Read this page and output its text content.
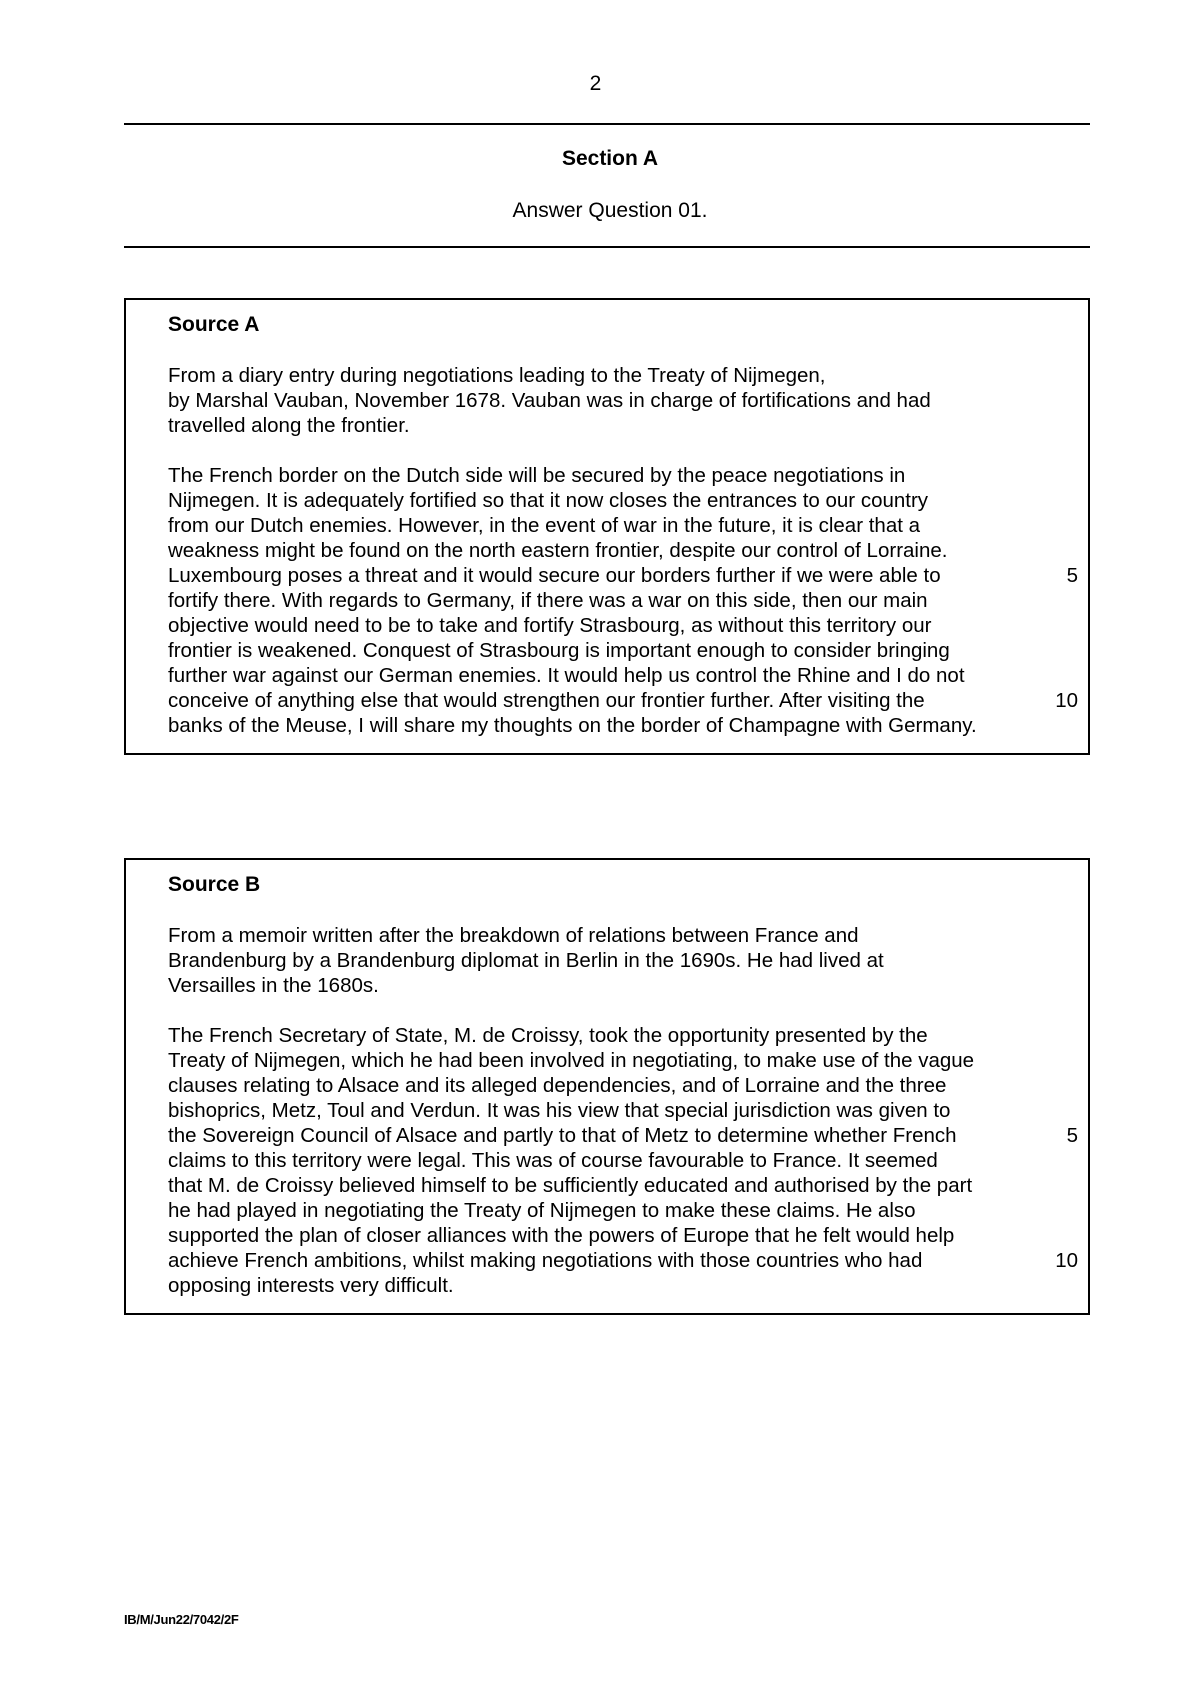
2
Section A
Answer Question 01.
Source A
From a diary entry during negotiations leading to the Treaty of Nijmegen,
by Marshal Vauban, November 1678. Vauban was in charge of fortifications and had
travelled along the frontier.
The French border on the Dutch side will be secured by the peace negotiations in
Nijmegen. It is adequately fortified so that it now closes the entrances to our country
from our Dutch enemies. However, in the event of war in the future, it is clear that a
weakness might be found on the north eastern frontier, despite our control of Lorraine.
Luxembourg poses a threat and it would secure our borders further if we were able to
fortify there. With regards to Germany, if there was a war on this side, then our main
objective would need to be to take and fortify Strasbourg, as without this territory our
frontier is weakened. Conquest of Strasbourg is important enough to consider bringing
further war against our German enemies. It would help us control the Rhine and I do not
conceive of anything else that would strengthen our frontier further. After visiting the
banks of the Meuse, I will share my thoughts on the border of Champagne with Germany.
5
10
Source B
From a memoir written after the breakdown of relations between France and
Brandenburg by a Brandenburg diplomat in Berlin in the 1690s. He had lived at
Versailles in the 1680s.
The French Secretary of State, M. de Croissy, took the opportunity presented by the
Treaty of Nijmegen, which he had been involved in negotiating, to make use of the vague
clauses relating to Alsace and its alleged dependencies, and of Lorraine and the three
bishoprics, Metz, Toul and Verdun. It was his view that special jurisdiction was given to
the Sovereign Council of Alsace and partly to that of Metz to determine whether French
claims to this territory were legal. This was of course favourable to France. It seemed
that M. de Croissy believed himself to be sufficiently educated and authorised by the part
he had played in negotiating the Treaty of Nijmegen to make these claims. He also
supported the plan of closer alliances with the powers of Europe that he felt would help
achieve French ambitions, whilst making negotiations with those countries who had
opposing interests very difficult.
5
10
IB/M/Jun22/7042/2F
